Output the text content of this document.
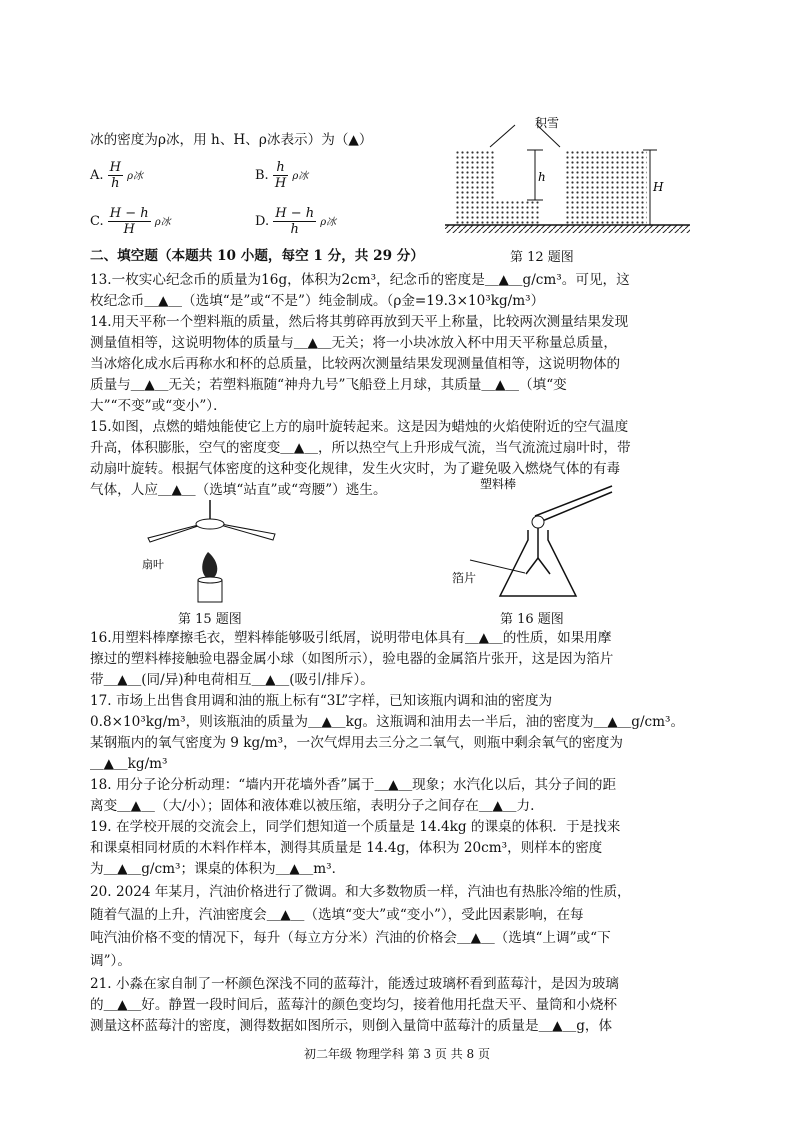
冰的密度为ρ冰，用 h、H、ρ冰表示）为（▲）
A. $\frac{H}{h}$ ρ冰	B. $\frac{h}{H}$ ρ冰
C. $\frac{H - h}{H}$ ρ冰	D. $\frac{H - h}{h}$ ρ冰
积雪
h
H
第 12 题图
二、填空题（本题共 10 小题，每空 1 分，共 29 分）
13.一枚实心纪念币的质量为16g，体积为2cm³，纪念币的密度是＿▲＿g/cm³。可见，这
枚纪念币＿▲＿（选填“是”或“不是”）纯金制成。（ρ金=19.3×10³kg/m³）
14.用天平称一个塑料瓶的质量，然后将其剪碎再放到天平上称量，比较两次测量结果发现
测量值相等，这说明物体的质量与＿▲＿无关；将一小块冰放入杯中用天平称量总质量，
当冰熔化成水后再称水和杯的总质量，比较两次测量结果发现测量值相等，这说明物体的
质量与＿▲＿无关；若塑料瓶随“神舟九号”飞船登上月球，其质量＿▲＿（填“变
大”“不变”或“变小”）．
15.如图，点燃的蜡烛能使它上方的扇叶旋转起来。这是因为蜡烛的火焰使附近的空气温度
升高，体积膨胀，空气的密度变＿▲＿，所以热空气上升形成气流，当气流流过扇叶时，带
动扇叶旋转。根据气体密度的这种变化规律，发生火灾时，为了避免吸入燃烧气体的有毒
气体，人应＿▲＿（选填“站直”或“弯腰”）逃生。
扇叶
第 15 题图
塑料棒
箔片
第 16 题图
16.用塑料棒摩擦毛衣，塑料棒能够吸引纸屑，说明带电体具有＿▲＿的性质，如果用摩
擦过的塑料棒接触验电器金属小球（如图所示），验电器的金属箔片张开，这是因为箔片
带＿▲＿(同/异)种电荷相互＿▲＿(吸引/排斥）。
17. 市场上出售食用调和油的瓶上标有“3L”字样，已知该瓶内调和油的密度为
0.8×10³kg/m³，则该瓶油的质量为＿▲＿kg。这瓶调和油用去一半后，油的密度为＿▲＿g/cm³。
某钢瓶内的氧气密度为 9 kg/m³，一次气焊用去三分之二氧气，则瓶中剩余氧气的密度为
＿▲＿kg/m³
18. 用分子论分析动理：“墙内开花墙外香”属于＿▲＿现象；水汽化以后，其分子间的距
离变＿▲＿（大/小）；固体和液体难以被压缩，表明分子之间存在＿▲＿力.
19. 在学校开展的交流会上，同学们想知道一个质量是 14.4kg 的课桌的体积．于是找来
和课桌相同材质的木料作样本，测得其质量是 14.4g，体积为 20cm³，则样本的密度
为＿▲＿g/cm³；课桌的体积为＿▲＿m³．
20. 2024 年某月，汽油价格进行了微调。和大多数物质一样，汽油也有热胀冷缩的性质，
随着气温的上升，汽油密度会＿▲＿（选填“变大”或“变小”），受此因素影响，在每
吨汽油价格不变的情况下，每升（每立方分米）汽油的价格会＿▲＿（选填“上调”或“下
调”）。
21. 小淼在家自制了一杯颜色深浅不同的蓝莓汁，能透过玻璃杯看到蓝莓汁，是因为玻璃
的＿▲＿好。静置一段时间后，蓝莓汁的颜色变均匀，接着他用托盘天平、量筒和小烧杯
测量这杯蓝莓汁的密度，测得数据如图所示，则倒入量筒中蓝莓汁的质量是＿▲＿g，体
初二年级 物理学科 第 3 页 共 8 页
